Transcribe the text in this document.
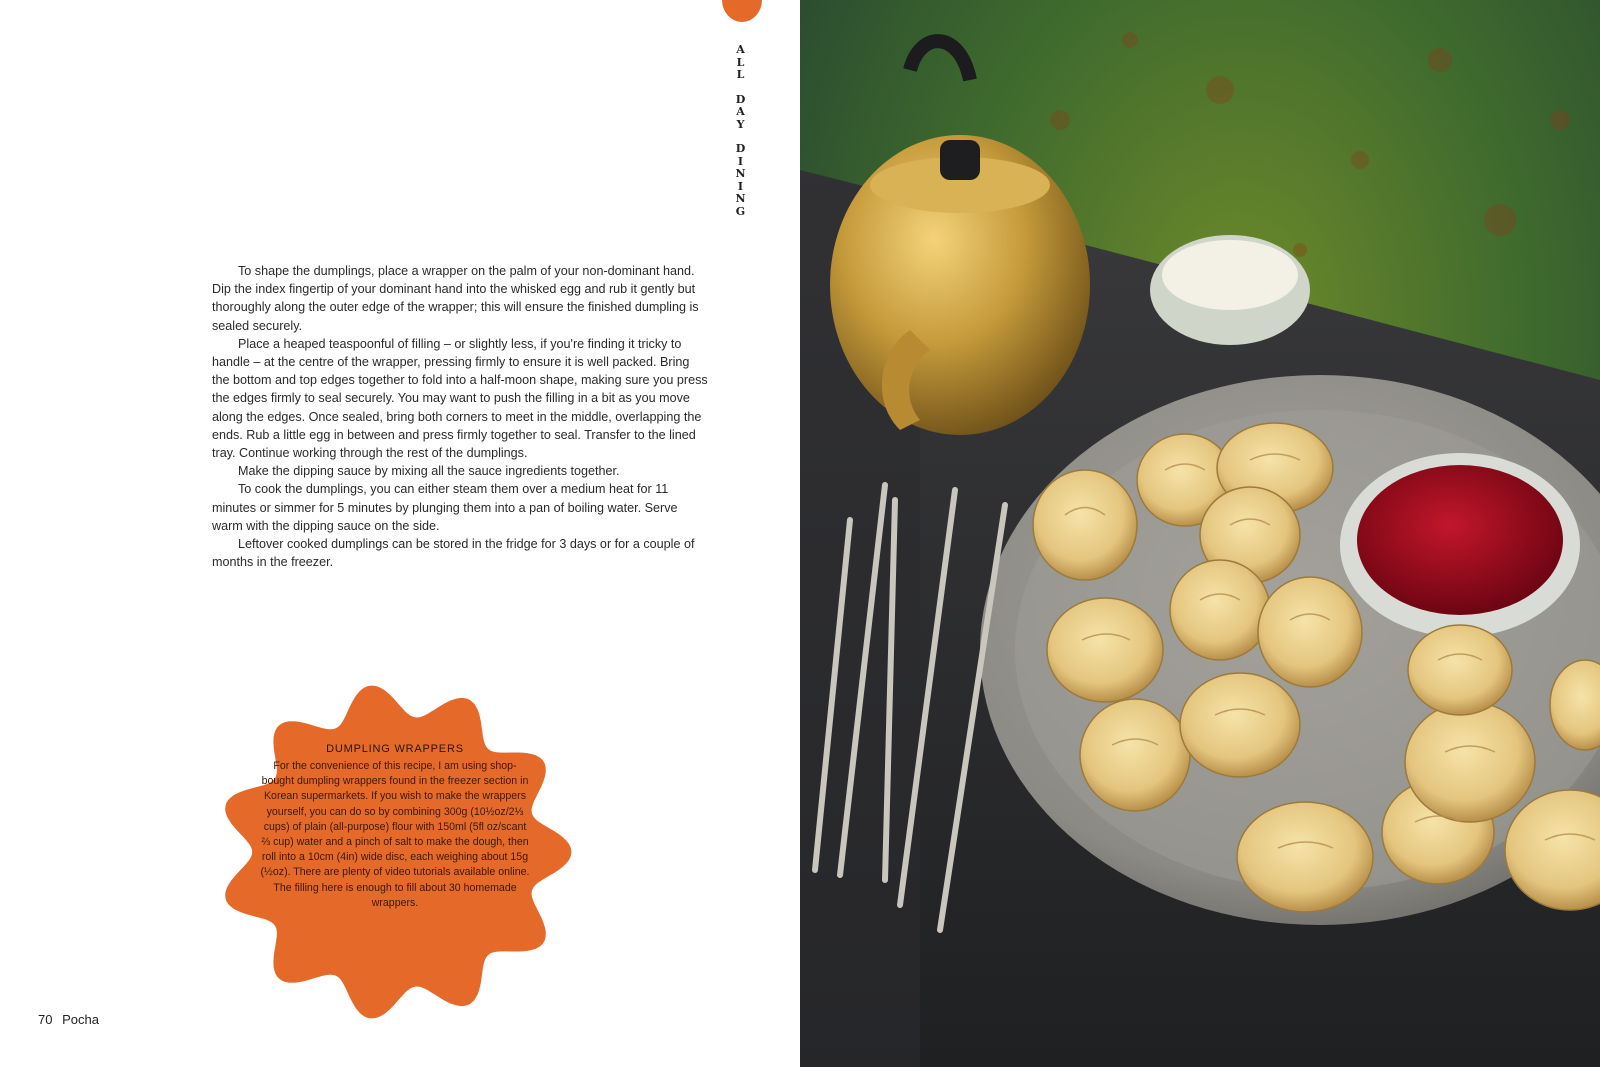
A
L
L
D
A
Y
D
I
N
I
N
G

To shape the dumplings, place a wrapper on the palm of your non-dominant hand. Dip the index fingertip of your dominant hand into the whisked egg and rub it gently but thoroughly along the outer edge of the wrapper; this will ensure the finished dumpling is sealed securely.

Place a heaped teaspoonful of filling – or slightly less, if you're finding it tricky to handle – at the centre of the wrapper, pressing firmly to ensure it is well packed. Bring the bottom and top edges together to fold into a half-moon shape, making sure you press the edges firmly to seal securely. You may want to push the filling in a bit as you move along the edges. Once sealed, bring both corners to meet in the middle, overlapping the ends. Rub a little egg in between and press firmly together to seal. Transfer to the lined tray. Continue working through the rest of the dumplings.

Make the dipping sauce by mixing all the sauce ingredients together.

To cook the dumplings, you can either steam them over a medium heat for 11 minutes or simmer for 5 minutes by plunging them into a pan of boiling water. Serve warm with the dipping sauce on the side.

Leftover cooked dumplings can be stored in the fridge for 3 days or for a couple of months in the freezer.

DUMPLING WRAPPERS
For the convenience of this recipe, I am using shop-bought dumpling wrappers found in the freezer section in Korean supermarkets. If you wish to make the wrappers yourself, you can do so by combining 300g (10½oz/2⅓ cups) of plain (all-purpose) flour with 150ml (5fl oz/scant ⅔ cup) water and a pinch of salt to make the dough, then roll into a 10cm (4in) wide disc, each weighing about 15g (½oz). There are plenty of video tutorials available online. The filling here is enough to fill about 30 homemade wrappers.
70 Pocha
